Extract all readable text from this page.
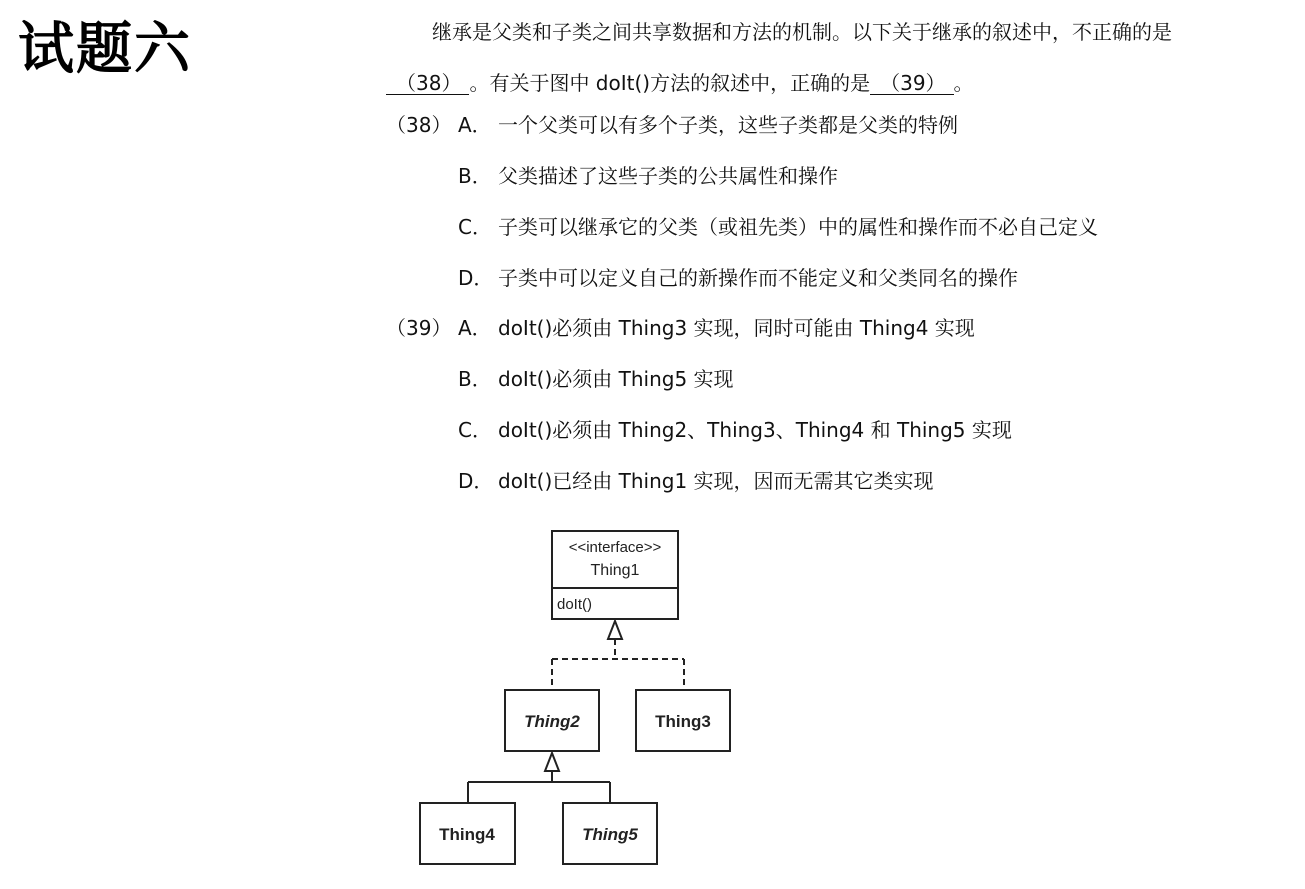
试题六	继承是父类和子类之间共享数据和方法的机制。以下关于继承的叙述中，不正确的是
（38） 。有关于图中 doIt()方法的叙述中，正确的是 （39） 。
（38） A． 一个父类可以有多个子类，这些子类都是父类的特例
B． 父类描述了这些子类的公共属性和操作
C． 子类可以继承它的父类（或祖先类）中的属性和操作而不必自己定义
D． 子类中可以定义自己的新操作而不能定义和父类同名的操作
（39） A． doIt()必须由 Thing3 实现，同时可能由 Thing4 实现
B． doIt()必须由 Thing5 实现
C． doIt()必须由 Thing2、Thing3、Thing4 和 Thing5 实现
D． doIt()已经由 Thing1 实现，因而无需其它类实现
<<interface>>
Thing1
doIt()
Thing2	Thing3
Thing4	Thing5
